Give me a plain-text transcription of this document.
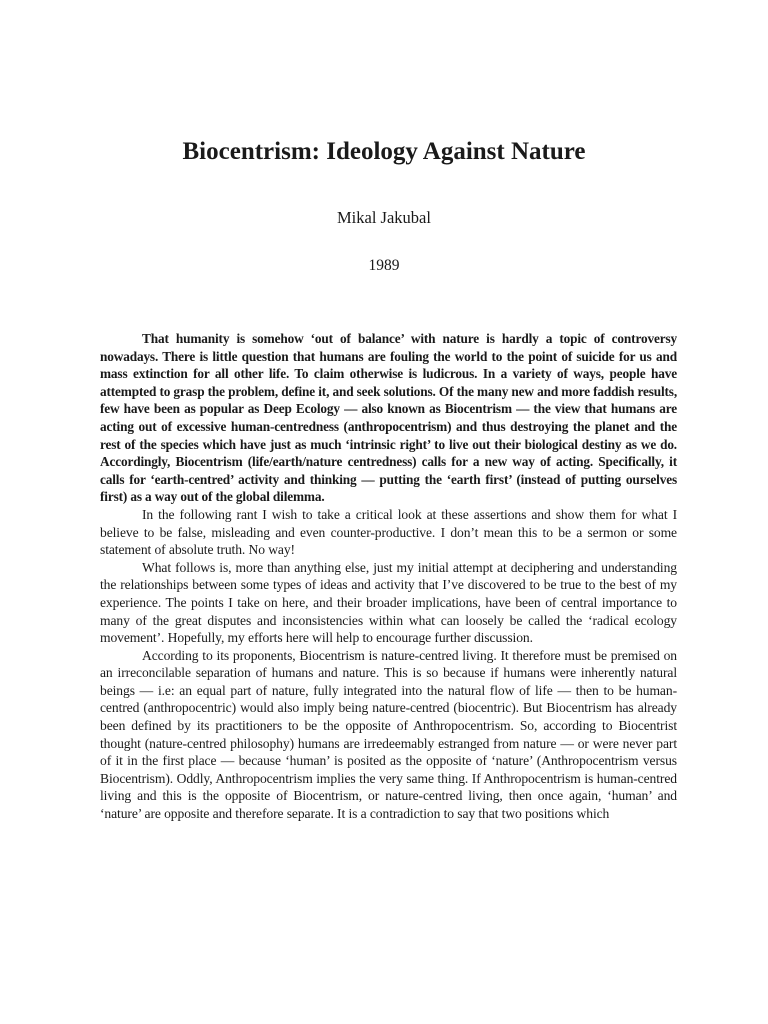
Biocentrism: Ideology Against Nature
Mikal Jakubal
1989

That humanity is somehow ‘out of balance’ with nature is hardly a topic of controversy nowadays. There is little question that humans are fouling the world to the point of suicide for us and mass extinction for all other life. To claim otherwise is ludicrous. In a variety of ways, people have attempted to grasp the problem, define it, and seek solutions. Of the many new and more faddish results, few have been as popular as Deep Ecology — also known as Biocentrism — the view that humans are acting out of excessive human-centredness (anthropocentrism) and thus destroying the planet and the rest of the species which have just as much ‘intrinsic right’ to live out their biological destiny as we do. Accordingly, Biocentrism (life/earth/nature centredness) calls for a new way of acting. Specifically, it calls for ‘earth-centred’ activity and thinking — putting the ‘earth first’ (instead of putting ourselves first) as a way out of the global dilemma.

In the following rant I wish to take a critical look at these assertions and show them for what I believe to be false, misleading and even counter-productive. I don’t mean this to be a sermon or some statement of absolute truth. No way!

What follows is, more than anything else, just my initial attempt at deciphering and understanding the relationships between some types of ideas and activity that I’ve discovered to be true to the best of my experience. The points I take on here, and their broader implications, have been of central importance to many of the great disputes and inconsistencies within what can loosely be called the ‘radical ecology movement’. Hopefully, my efforts here will help to encourage further discussion.

According to its proponents, Biocentrism is nature-centred living. It therefore must be premised on an irreconcilable separation of humans and nature. This is so because if humans were inherently natural beings — i.e: an equal part of nature, fully integrated into the natural flow of life — then to be human-centred (anthropocentric) would also imply being nature-centred (biocentric). But Biocentrism has already been defined by its practitioners to be the opposite of Anthropocentrism. So, according to Biocentrist thought (nature-centred philosophy) humans are irredeemably estranged from nature — or were never part of it in the first place — because ‘human’ is posited as the opposite of ‘nature’ (Anthropocentrism versus Biocentrism). Oddly, Anthropocentrism implies the very same thing. If Anthropocentrism is human-centred living and this is the opposite of Biocentrism, or nature-centred living, then once again, ‘human’ and ‘nature’ are opposite and therefore separate. It is a contradiction to say that two positions which
